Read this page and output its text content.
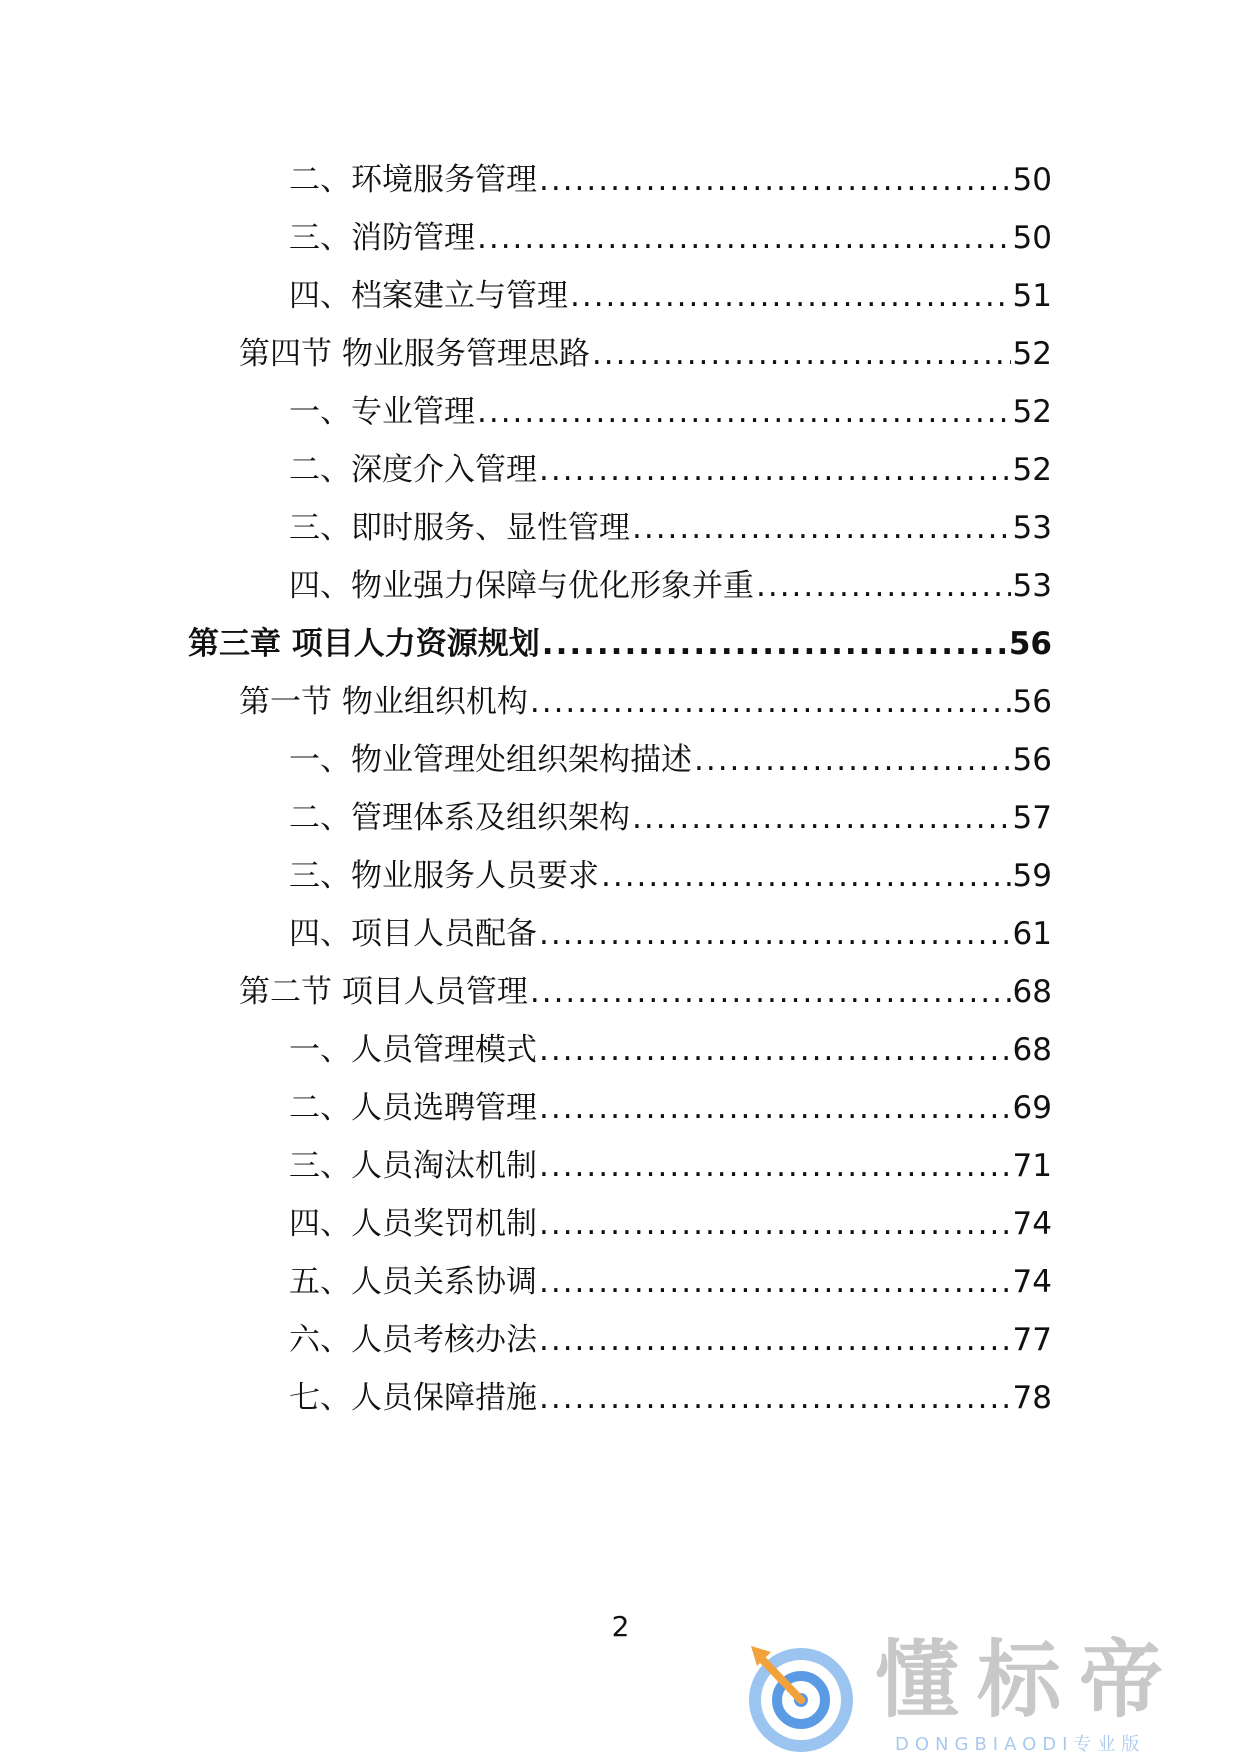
二、环境服务管理 .....	50
三、消防管理 .....	50
四、档案建立与管理 .....	51
第四节 物业服务管理思路 .....	52
一、专业管理 .....	52
二、深度介入管理 .....	52
三、即时服务、显性管理 .....	53
四、物业强力保障与优化形象并重 .....	53
第三章 项目人力资源规划 .....	56
第一节 物业组织机构 .....	56
一、物业管理处组织架构描述 .....	56
二、管理体系及组织架构 .....	57
三、物业服务人员要求 .....	59
四、项目人员配备 .....	61
第二节 项目人员管理 .....	68
一、人员管理模式 .....	68
二、人员选聘管理 .....	69
三、人员淘汰机制 .....	71
四、人员奖罚机制 .....	74
五、人员关系协调 .....	74
六、人员考核办法 .....	77
七、人员保障措施 .....	78
2
懂标帝
DONGBIAODI专业版
